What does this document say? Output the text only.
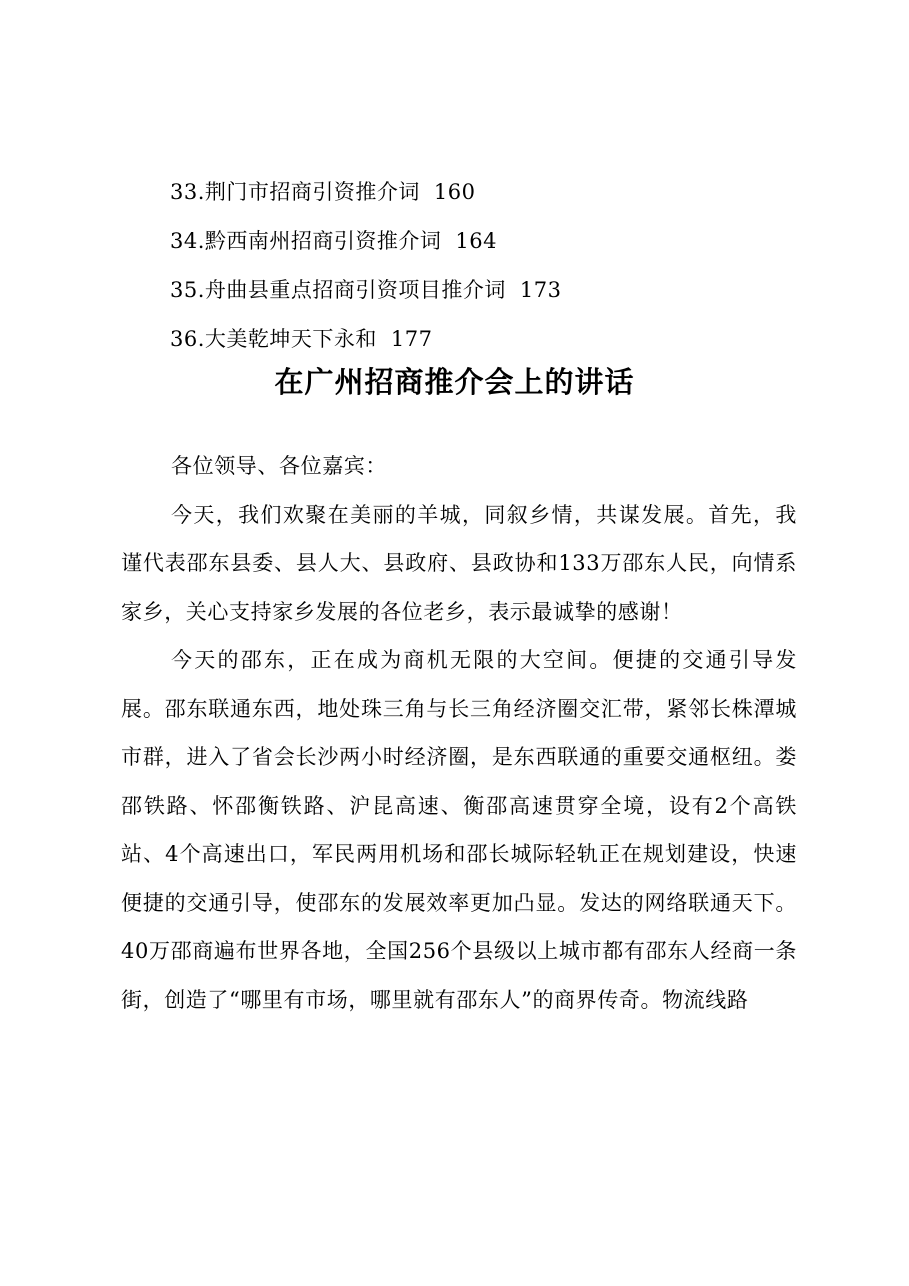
33.荆门市招商引资推介词 160
34.黔西南州招商引资推介词 164
35.舟曲县重点招商引资项目推介词 173
36.大美乾坤天下永和 177
在广州招商推介会上的讲话

各位领导、各位嘉宾：

今天，我们欢聚在美丽的羊城，同叙乡情，共谋发展。首先，我谨代表邵东县委、县人大、县政府、县政协和133万邵东人民，向情系家乡，关心支持家乡发展的各位老乡，表示最诚挚的感谢！

今天的邵东，正在成为商机无限的大空间。便捷的交通引导发展。邵东联通东西，地处珠三角与长三角经济圈交汇带，紧邻长株潭城市群，进入了省会长沙两小时经济圈，是东西联通的重要交通枢纽。娄邵铁路、怀邵衡铁路、沪昆高速、衡邵高速贯穿全境，设有2个高铁站、4个高速出口，军民两用机场和邵长城际轻轨正在规划建设，快速便捷的交通引导，使邵东的发展效率更加凸显。发达的网络联通天下。40万邵商遍布世界各地，全国256个县级以上城市都有邵东人经商一条街，创造了“哪里有市场，哪里就有邵东人”的商界传奇。物流线路
